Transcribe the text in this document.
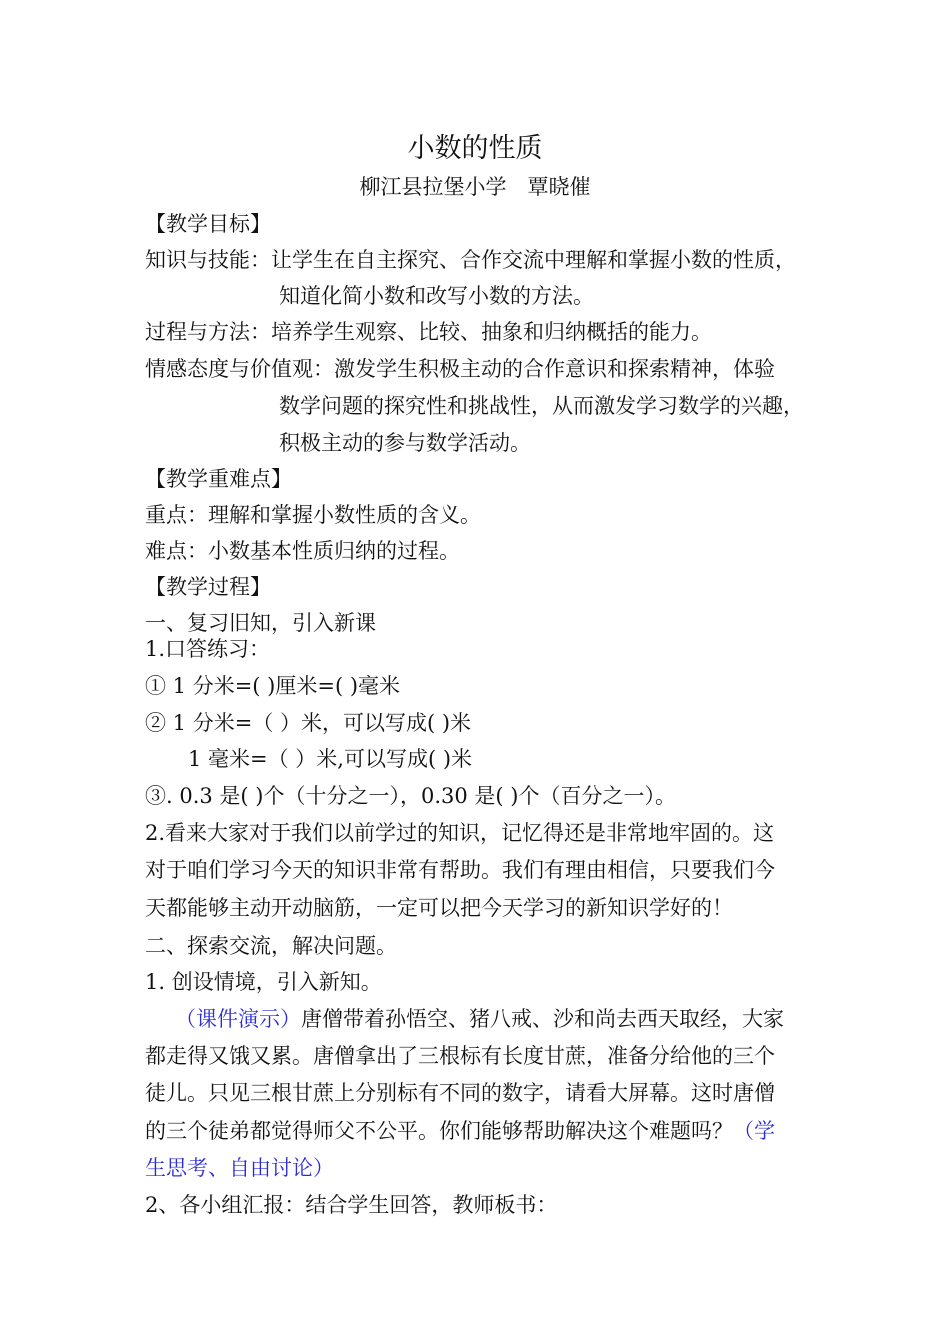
小数的性质
柳江县拉堡小学　覃晓催
【教学目标】
知识与技能：让学生在自主探究、合作交流中理解和掌握小数的性质，
知道化简小数和改写小数的方法。
过程与方法：培养学生观察、比较、抽象和归纳概括的能力。
情感态度与价值观：激发学生积极主动的合作意识和探索精神，体验
数学问题的探究性和挑战性，从而激发学习数学的兴趣，
积极主动的参与数学活动。
【教学重难点】
重点：理解和掌握小数性质的含义。
难点：小数基本性质归纳的过程。
【教学过程】
一、复习旧知，引入新课
1.口答练习：
① 1 分米=( )厘米=( )毫米
② 1 分米=（ ）米，可以写成( )米
1 毫米=（ ）米,可以写成( )米
③. 0.3 是( )个（十分之一），0.30 是( )个（百分之一）。
2.看来大家对于我们以前学过的知识，记忆得还是非常地牢固的。这
对于咱们学习今天的知识非常有帮助。我们有理由相信，只要我们今
天都能够主动开动脑筋，一定可以把今天学习的新知识学好的！
二、探索交流，解决问题。
1. 创设情境，引入新知。
（课件演示）唐僧带着孙悟空、猪八戒、沙和尚去西天取经，大家
都走得又饿又累。唐僧拿出了三根标有长度甘蔗，准备分给他的三个
徒儿。只见三根甘蔗上分别标有不同的数字，请看大屏幕。这时唐僧
的三个徒弟都觉得师父不公平。你们能够帮助解决这个难题吗？（学
生思考、自由讨论）
2、各小组汇报：结合学生回答，教师板书：
